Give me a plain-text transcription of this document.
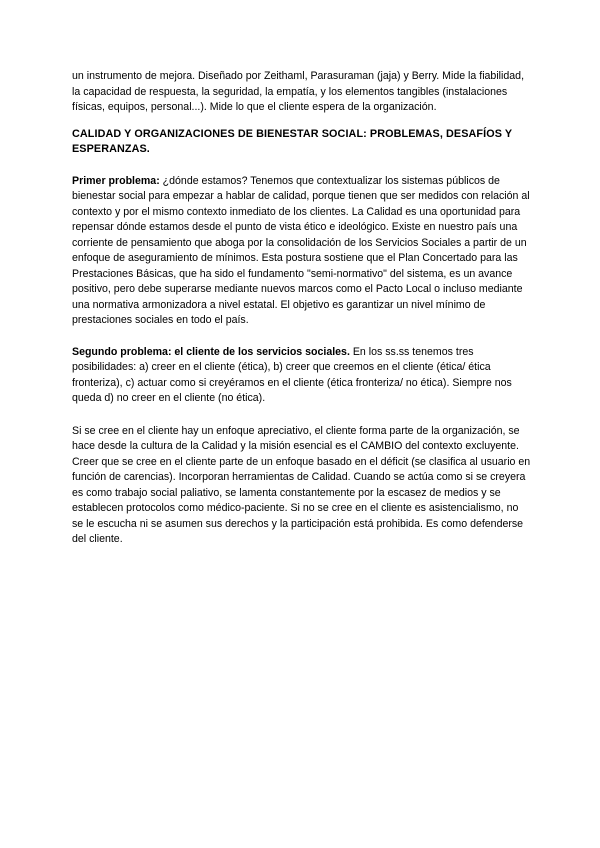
un instrumento de mejora. Diseñado por Zeithaml, Parasuraman (jaja) y Berry. Mide la fiabilidad, la capacidad de respuesta, la seguridad, la empatía, y los elementos tangibles (instalaciones físicas, equipos, personal...). Mide lo que el cliente espera de la organización.

CALIDAD Y ORGANIZACIONES DE BIENESTAR SOCIAL: PROBLEMAS, DESAFÍOS Y ESPERANZAS.

Primer problema: ¿dónde estamos? Tenemos que contextualizar los sistemas públicos de bienestar social para empezar a hablar de calidad, porque tienen que ser medidos con relación al contexto y por el mismo contexto inmediato de los clientes. La Calidad es una oportunidad para repensar dónde estamos desde el punto de vista ético e ideológico. Existe en nuestro país una corriente de pensamiento que aboga por la consolidación de los Servicios Sociales a partir de un enfoque de aseguramiento de mínimos. Esta postura sostiene que el Plan Concertado para las Prestaciones Básicas, que ha sido el fundamento "semi-normativo" del sistema, es un avance positivo, pero debe superarse mediante nuevos marcos como el Pacto Local o incluso mediante una normativa armonizadora a nivel estatal. El objetivo es garantizar un nivel mínimo de prestaciones sociales en todo el país.

Segundo problema: el cliente de los servicios sociales. En los ss.ss tenemos tres posibilidades: a) creer en el cliente (ética), b) creer que creemos en el cliente (ética/ ética fronteriza), c) actuar como si creyéramos en el cliente (ética fronteriza/ no ética). Siempre nos queda d) no creer en el cliente (no ética).

Si se cree en el cliente hay un enfoque apreciativo, el cliente forma parte de la organización, se hace desde la cultura de la Calidad y la misión esencial es el CAMBIO del contexto excluyente. Creer que se cree en el cliente parte de un enfoque basado en el déficit (se clasifica al usuario en función de carencias). Incorporan herramientas de Calidad. Cuando se actúa como si se creyera es como trabajo social paliativo, se lamenta constantemente por la escasez de medios y se establecen protocolos como médico-paciente. Si no se cree en el cliente es asistencialismo, no se le escucha ni se asumen sus derechos y la participación está prohibida. Es como defenderse del cliente.
